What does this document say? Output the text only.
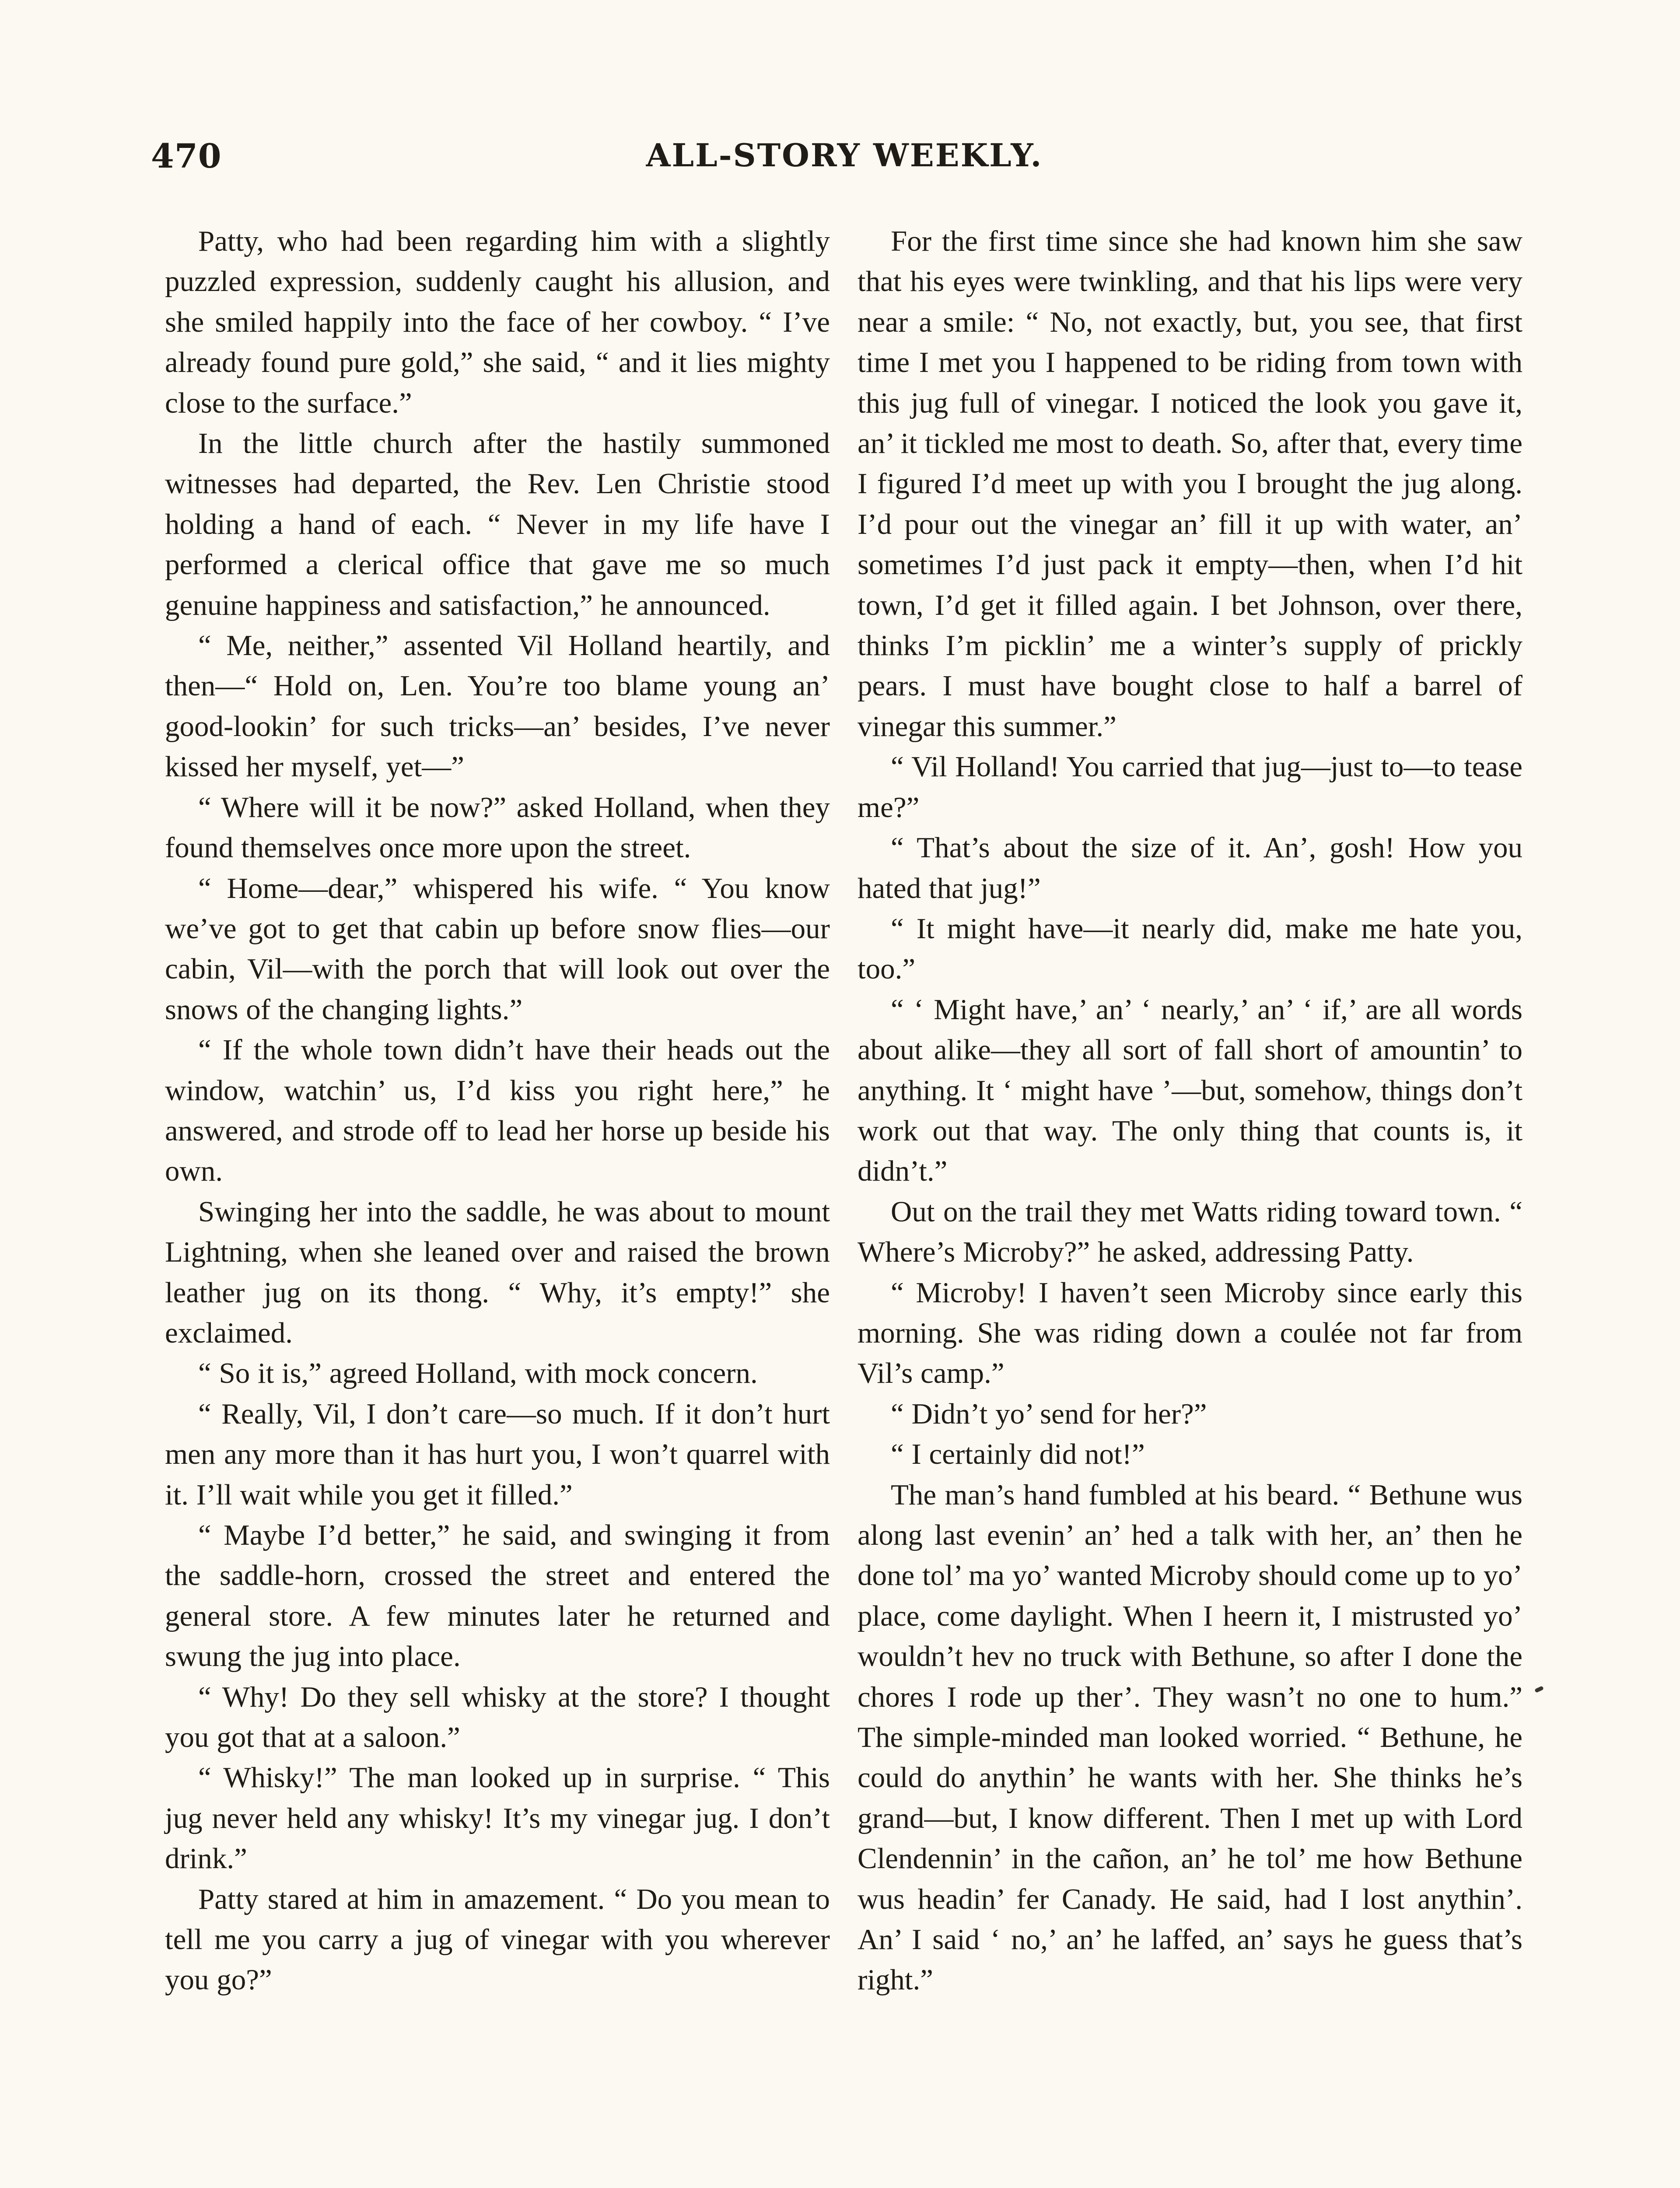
470	ALL-STORY WEEKLY.

Patty, who had been regarding him with a slightly puzzled expression, suddenly caught his allusion, and she smiled happily into the face of her cowboy. “ I’ve already found pure gold,” she said, “ and it lies mighty close to the surface.”

In the little church after the hastily summoned witnesses had departed, the Rev. Len Christie stood holding a hand of each. “ Never in my life have I performed a clerical office that gave me so much genuine happiness and satisfaction,” he announced.

“ Me, neither,” assented Vil Holland heartily, and then—“ Hold on, Len. You’re too blame young an’ good-lookin’ for such tricks—an’ besides, I’ve never kissed her myself, yet—”

“ Where will it be now?” asked Holland, when they found themselves once more upon the street.

“ Home—dear,” whispered his wife. “ You know we’ve got to get that cabin up before snow flies—our cabin, Vil—with the porch that will look out over the snows of the changing lights.”

“ If the whole town didn’t have their heads out the window, watchin’ us, I’d kiss you right here,” he answered, and strode off to lead her horse up beside his own.

Swinging her into the saddle, he was about to mount Lightning, when she leaned over and raised the brown leather jug on its thong. “ Why, it’s empty!” she exclaimed.

“ So it is,” agreed Holland, with mock concern.

“ Really, Vil, I don’t care—so much. If it don’t hurt men any more than it has hurt you, I won’t quarrel with it. I’ll wait while you get it filled.”

“ Maybe I’d better,” he said, and swinging it from the saddle-horn, crossed the street and entered the general store. A few minutes later he returned and swung the jug into place.

“ Why! Do they sell whisky at the store? I thought you got that at a saloon.”

“ Whisky!” The man looked up in surprise. “ This jug never held any whisky! It’s my vinegar jug. I don’t drink.”

Patty stared at him in amazement. “ Do you mean to tell me you carry a jug of vinegar with you wherever you go?”

For the first time since she had known him she saw that his eyes were twinkling, and that his lips were very near a smile: “ No, not exactly, but, you see, that first time I met you I happened to be riding from town with this jug full of vinegar. I noticed the look you gave it, an’ it tickled me most to death. So, after that, every time I figured I’d meet up with you I brought the jug along. I’d pour out the vinegar an’ fill it up with water, an’ sometimes I’d just pack it empty—then, when I’d hit town, I’d get it filled again. I bet Johnson, over there, thinks I’m picklin’ me a winter’s supply of prickly pears. I must have bought close to half a barrel of vinegar this summer.”

“ Vil Holland! You carried that jug—just to—to tease me?”

“ That’s about the size of it. An’, gosh! How you hated that jug!”

“ It might have—it nearly did, make me hate you, too.”

“ ‘ Might have,’ an’ ‘ nearly,’ an’ ‘ if,’ are all words about alike—they all sort of fall short of amountin’ to anything. It ‘ might have ’—but, somehow, things don’t work out that way. The only thing that counts is, it didn’t.”

Out on the trail they met Watts riding toward town. “ Where’s Microby?” he asked, addressing Patty.

“ Microby! I haven’t seen Microby since early this morning. She was riding down a coulée not far from Vil’s camp.”

“ Didn’t yo’ send for her?”

“ I certainly did not!”

The man’s hand fumbled at his beard. “ Bethune wus along last evenin’ an’ hed a talk with her, an’ then he done tol’ ma yo’ wanted Microby should come up to yo’ place, come daylight. When I heern it, I mistrusted yo’ wouldn’t hev no truck with Bethune, so after I done the chores I rode up ther’. They wasn’t no one to hum.” The simple-minded man looked worried. “ Bethune, he could do anythin’ he wants with her. She thinks he’s grand—but, I know different. Then I met up with Lord Clendennin’ in the cañon, an’ he tol’ me how Bethune wus headin’ fer Canady. He said, had I lost anythin’. An’ I said ‘ no,’ an’ he laffed, an’ says he guess that’s right.”
